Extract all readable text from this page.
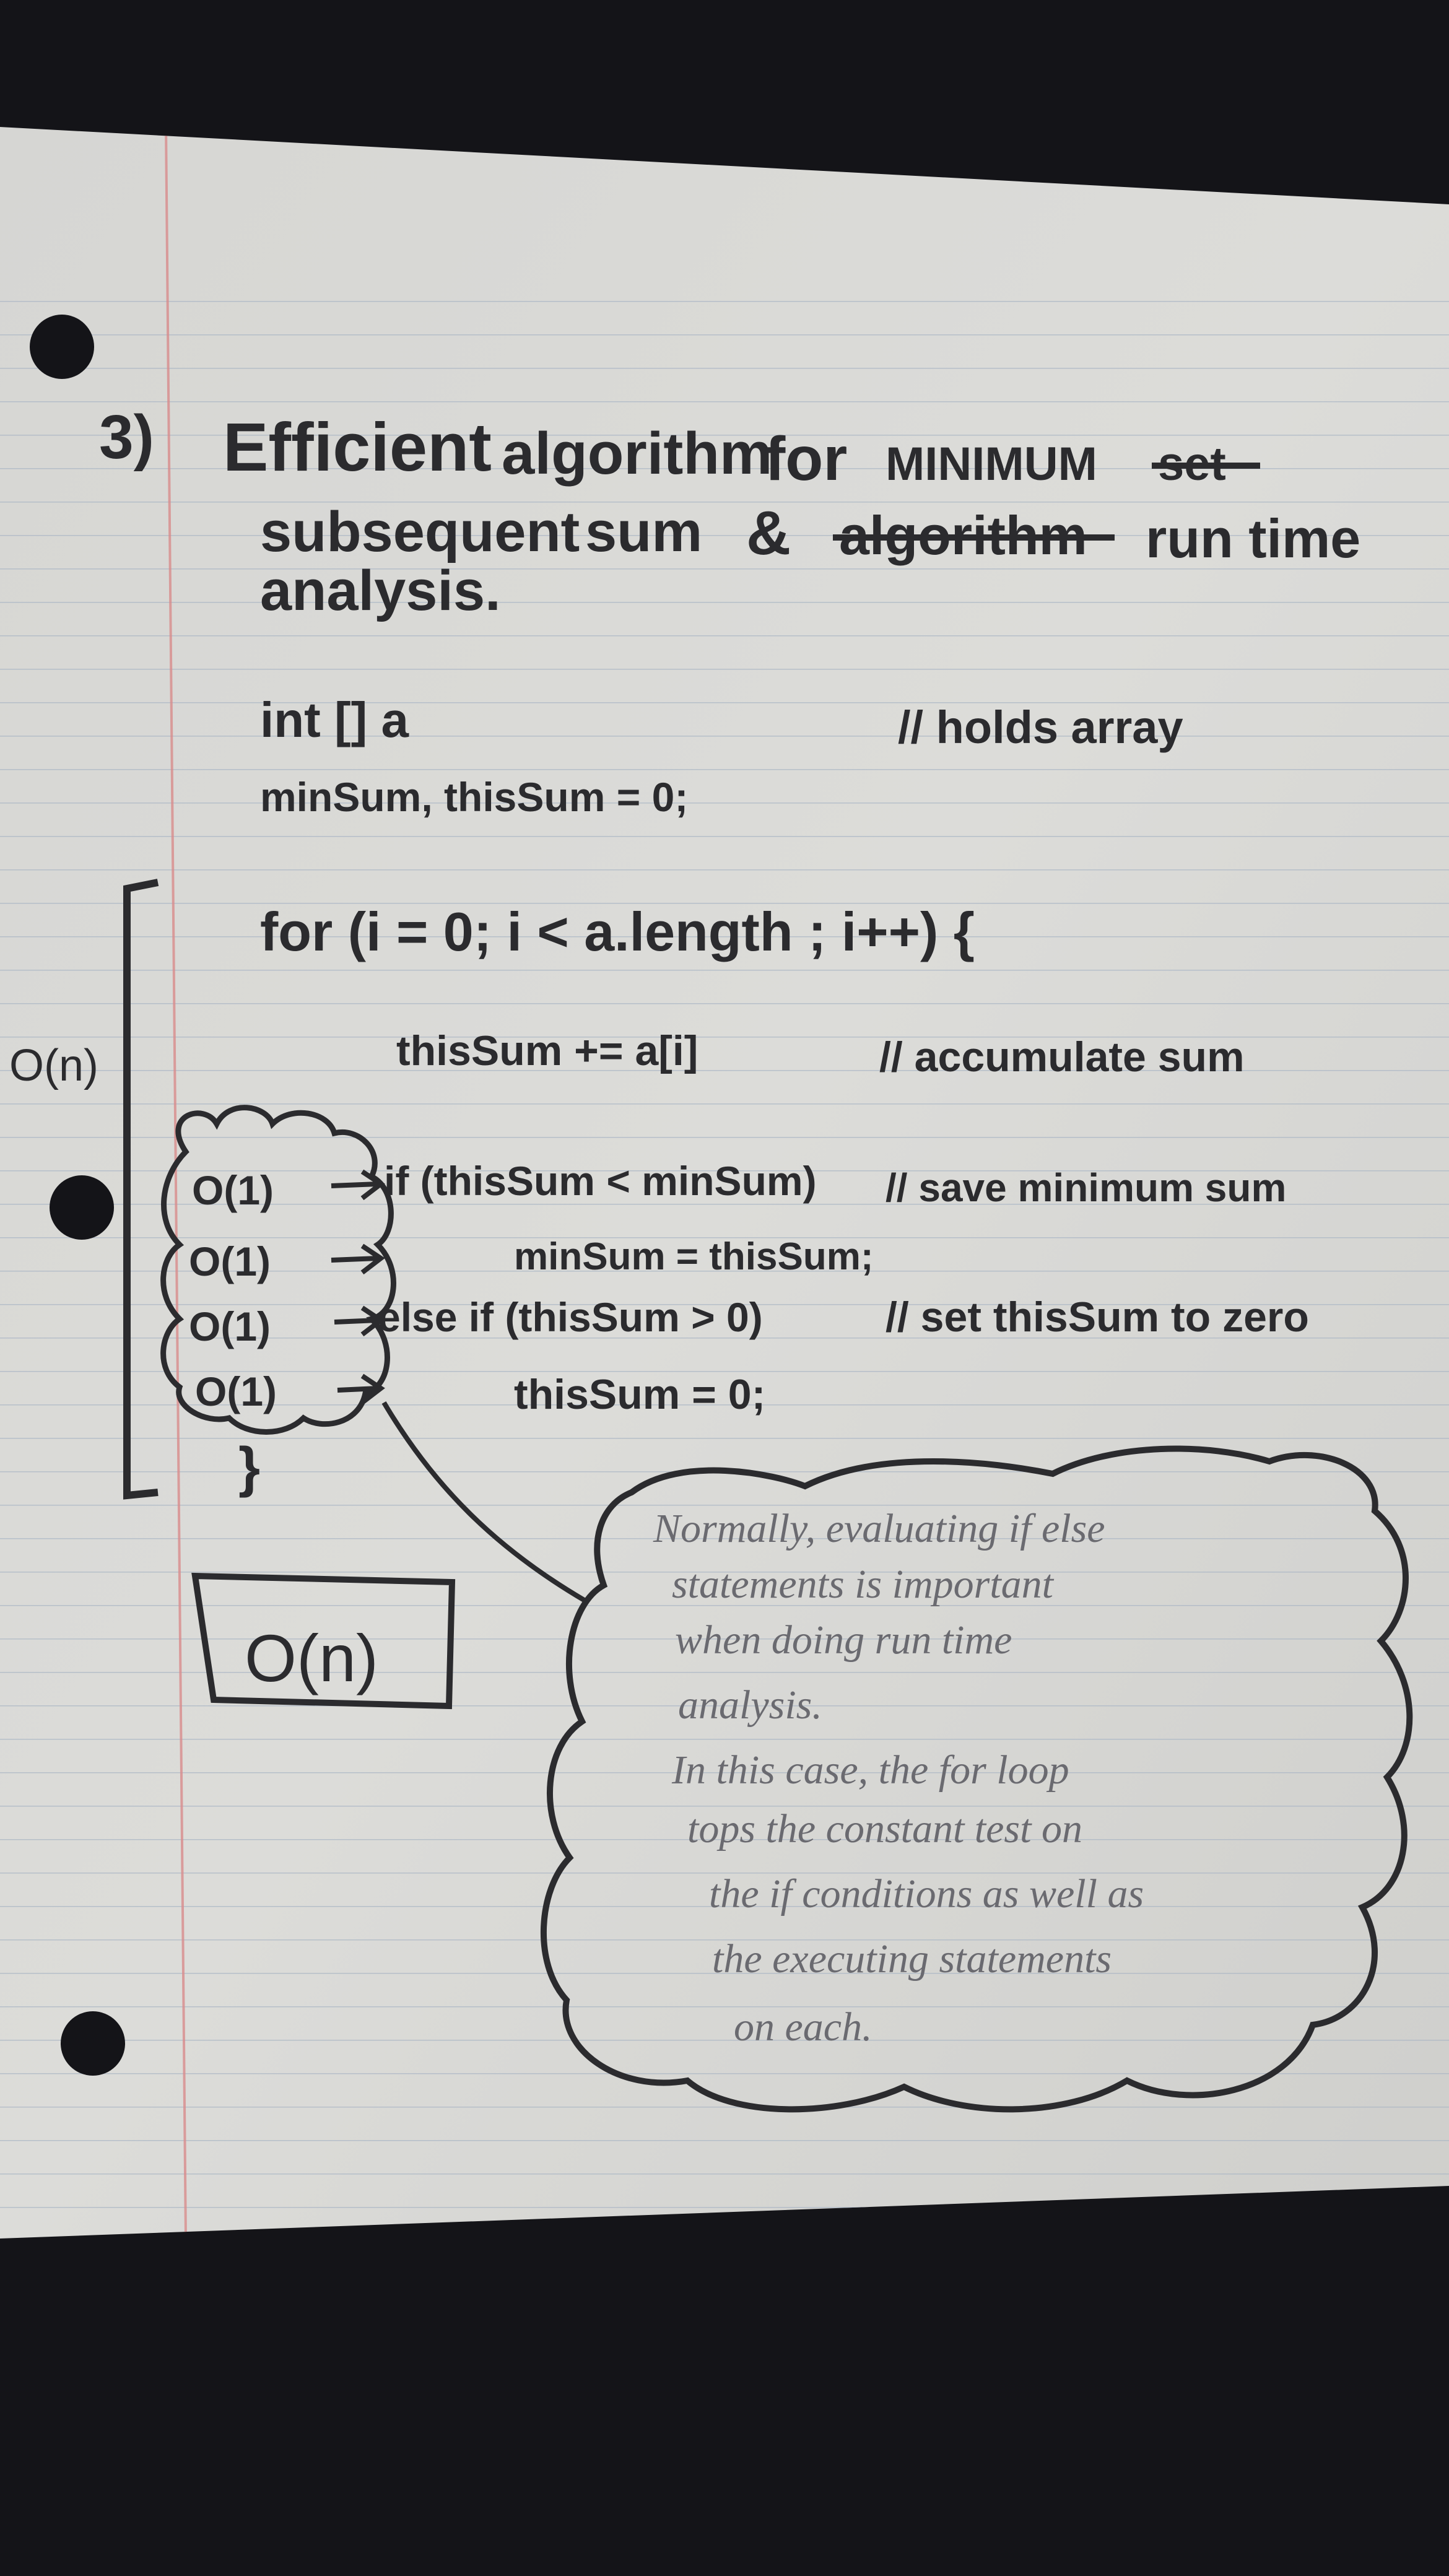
3) Efficient algorithm
for MINIMUM set
subsequent sum & algorithm run time
analysis.
int [] a	// holds array
minSum, thisSum = 0;
for (i = 0; i < a.length ; i++) {
thisSum += a[i]	// accumulate sum
if (thisSum < minSum) // save minimum sum
minSum = thisSum;
else if (thisSum > 0)	// set thisSum to zero
thisSum = 0;
}
O(n)
O(1)
O(1)
O(1)
O(1)
O(n)
Normally, evaluating if else
statements is important
when doing run time
analysis.
In this case, the for loop
tops the constant test on
the if conditions as well as
the executing statements
on each.
